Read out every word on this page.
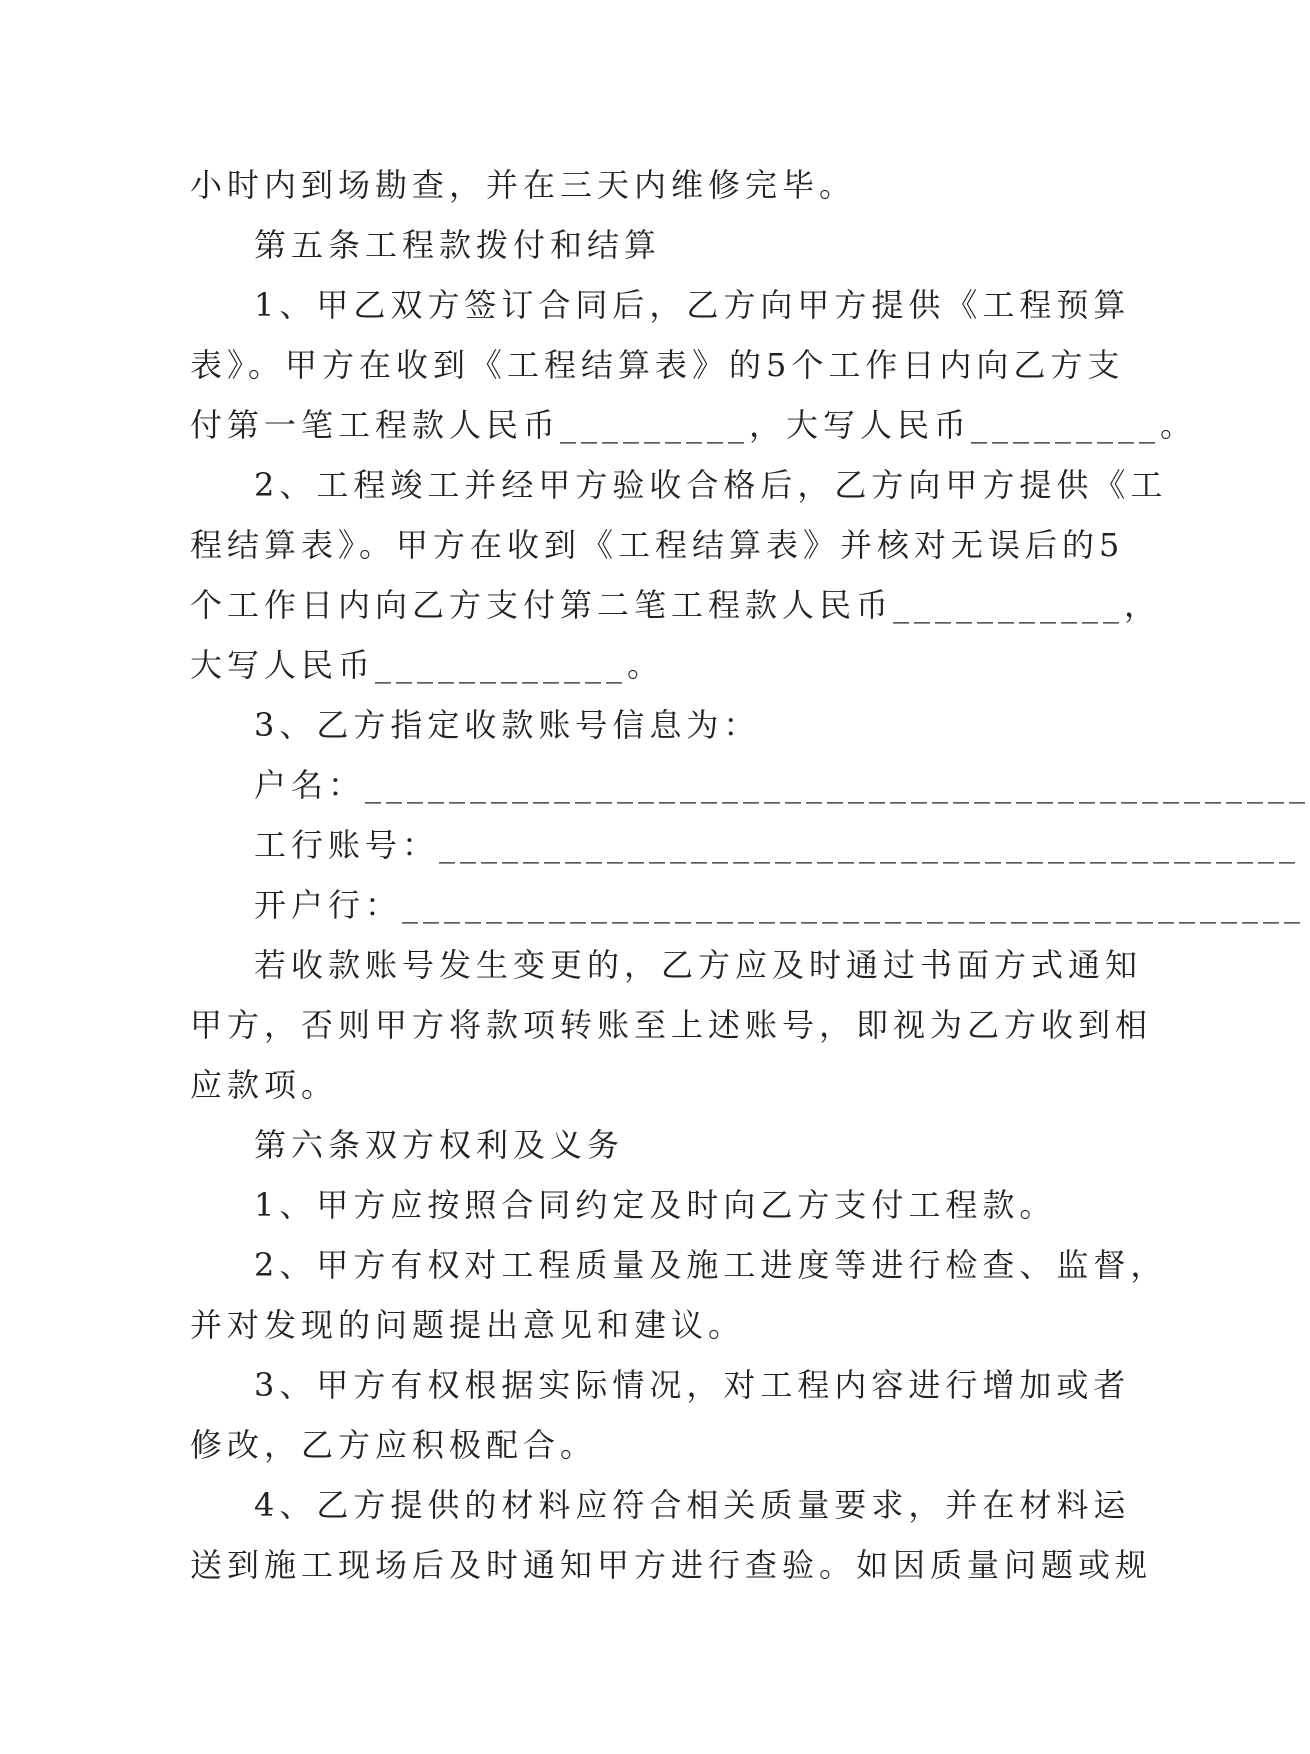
小时内到场勘查，并在三天内维修完毕。
第五条工程款拨付和结算
1、甲乙双方签订合同后，乙方向甲方提供《工程预算
表》。甲方在收到《工程结算表》的5个工作日内向乙方支
付第一笔工程款人民币_________，大写人民币_________。
2、工程竣工并经甲方验收合格后，乙方向甲方提供《工
程结算表》。甲方在收到《工程结算表》并核对无误后的5
个工作日内向乙方支付第二笔工程款人民币___________，
大写人民币____________。
3、乙方指定收款账号信息为：
户名：_____________________________________________
工行账号：_________________________________________
开户行：___________________________________________
若收款账号发生变更的，乙方应及时通过书面方式通知
甲方，否则甲方将款项转账至上述账号，即视为乙方收到相
应款项。
第六条双方权利及义务
1、甲方应按照合同约定及时向乙方支付工程款。
2、甲方有权对工程质量及施工进度等进行检查、监督，
并对发现的问题提出意见和建议。
3、甲方有权根据实际情况，对工程内容进行增加或者
修改，乙方应积极配合。
4、乙方提供的材料应符合相关质量要求，并在材料运
送到施工现场后及时通知甲方进行查验。如因质量问题或规
